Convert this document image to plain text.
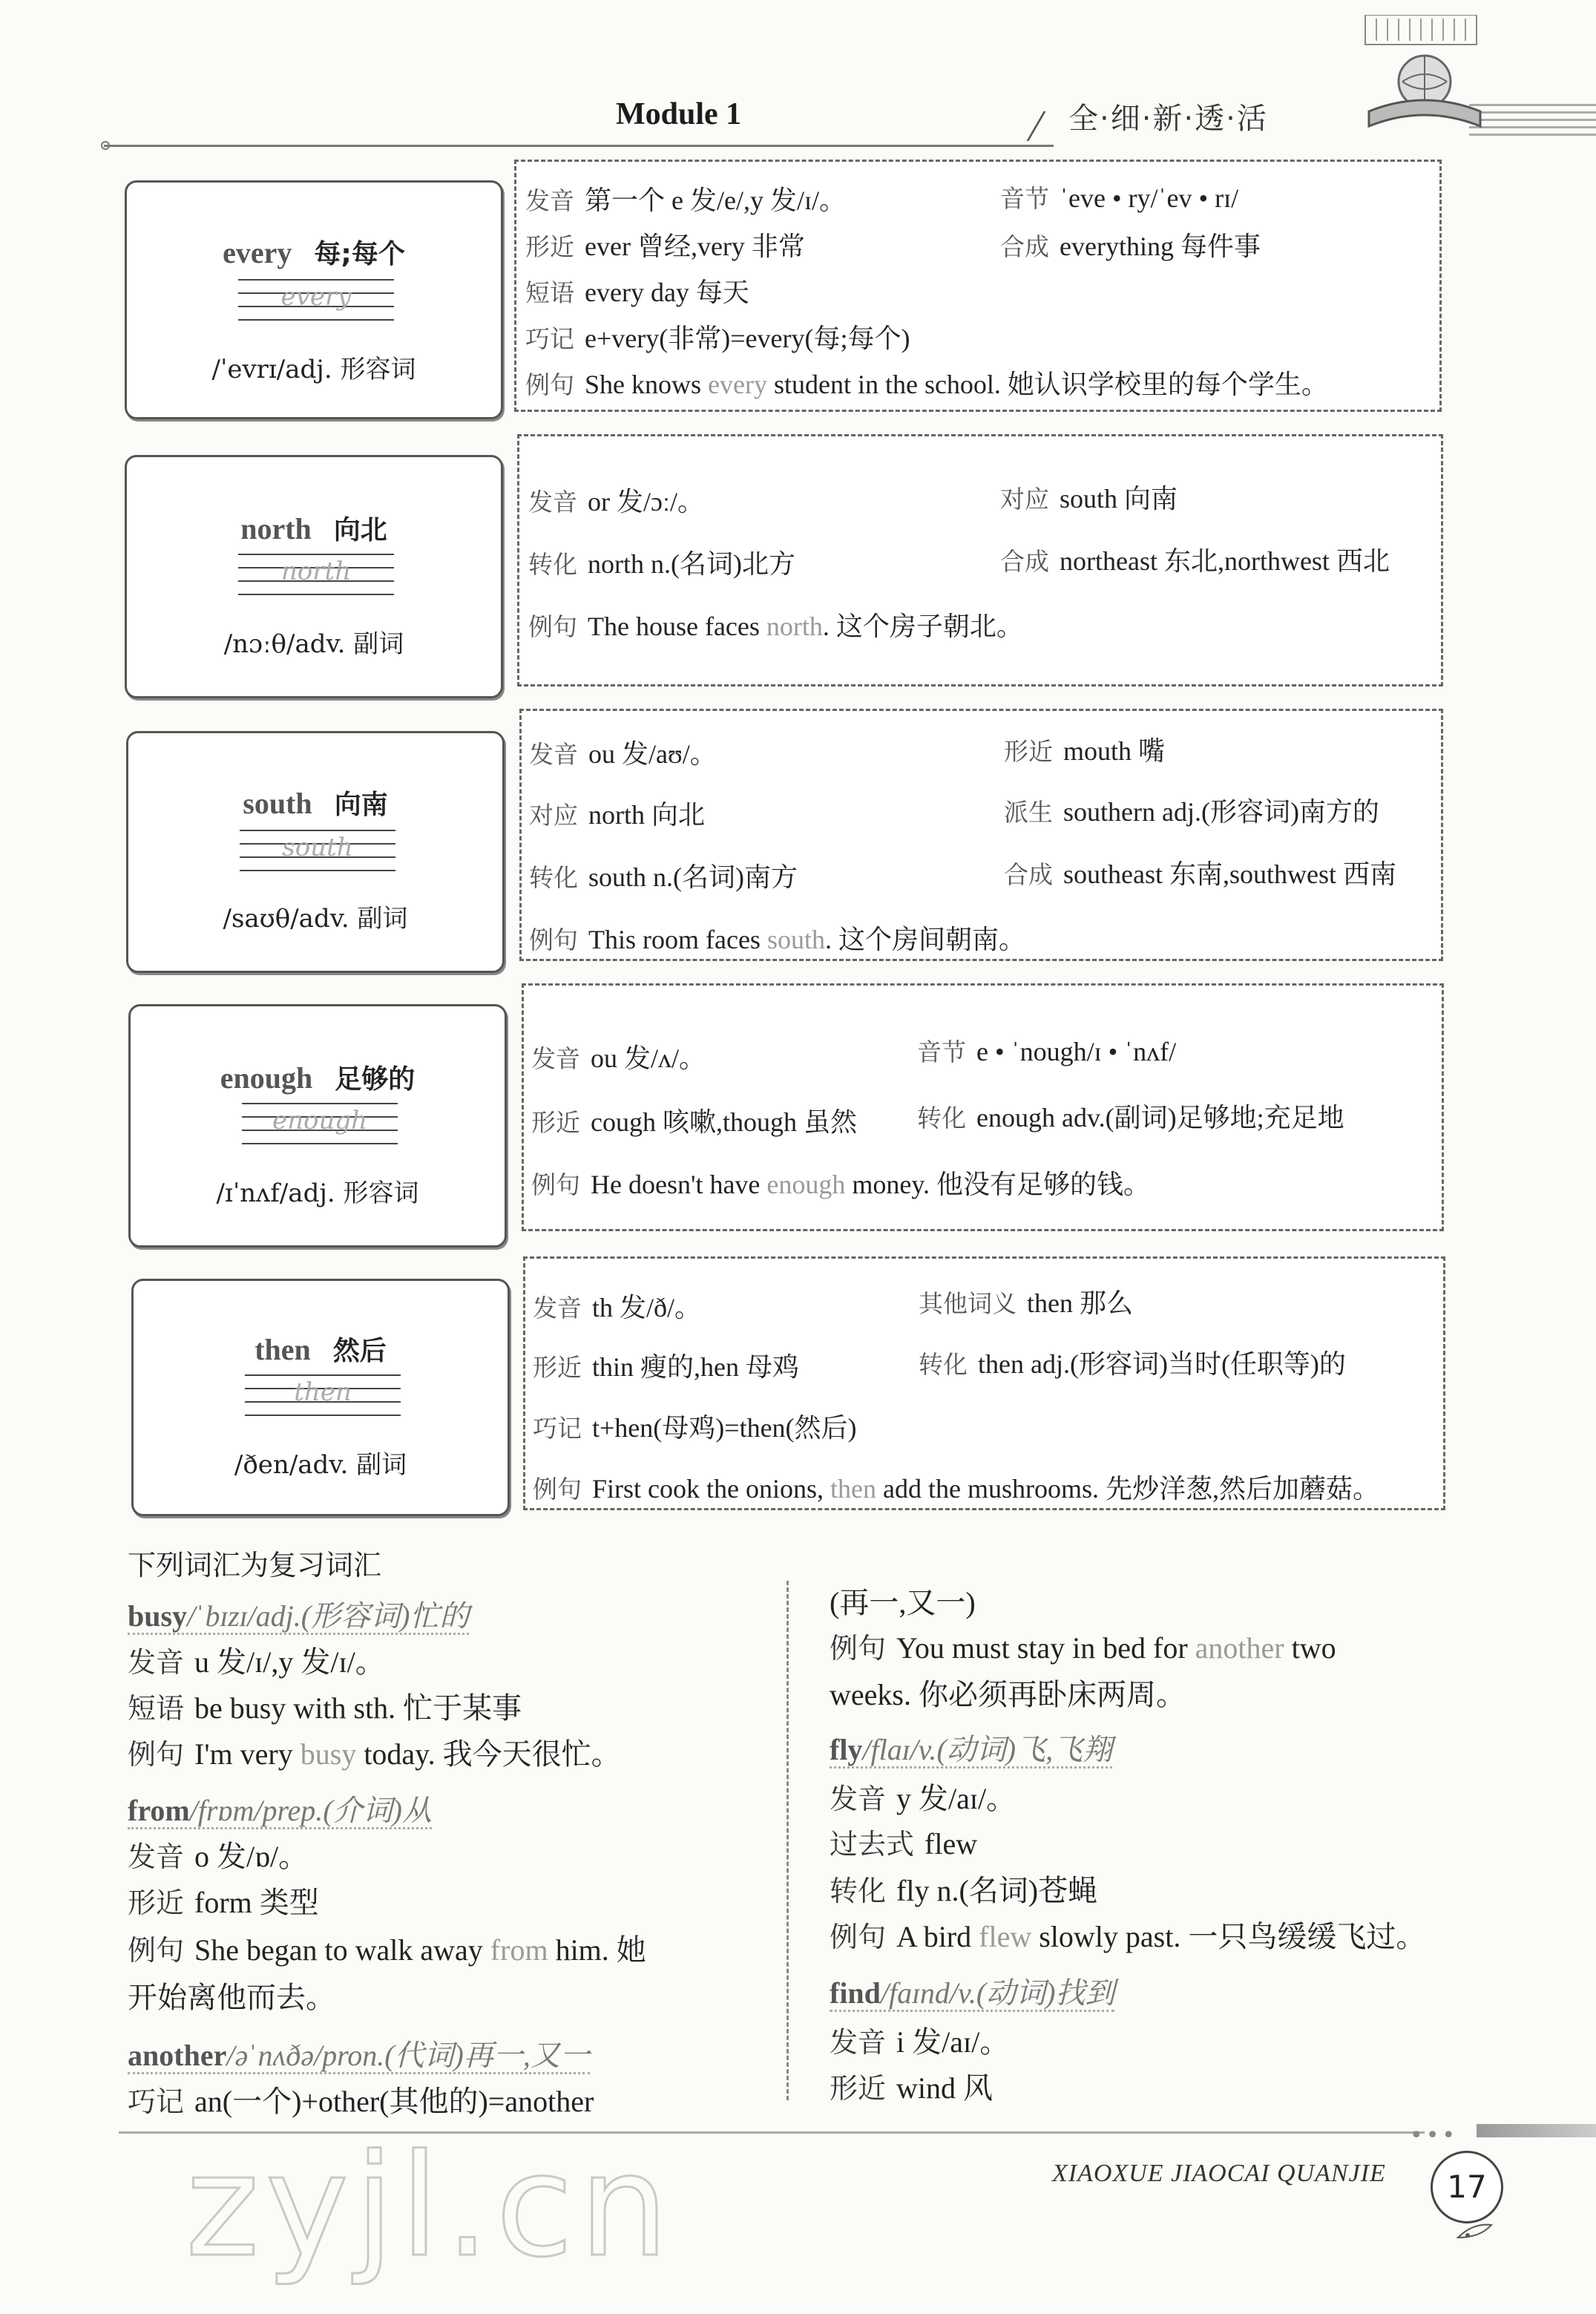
Module 1	全·细·新·透·活
every 每;每个
every
/ˈevrɪ/adj. 形容词
发音 第一个 e 发/e/,y 发/ɪ/。	音节 ˈeve • ry/ˈev • rɪ/
形近 ever 曾经,very 非常	合成 everything 每件事
短语 every day 每天
巧记 e+very(非常)=every(每;每个)
例句 She knows every student in the school. 她认识学校里的每个学生。
north 向北
north
/nɔːθ/adv. 副词
发音 or 发/ɔː/。	对应 south 向南
转化 north n.(名词)北方	合成 northeast 东北,northwest 西北
例句 The house faces north. 这个房子朝北。
south 向南
south
/saʊθ/adv. 副词
发音 ou 发/aʊ/。	形近 mouth 嘴
对应 north 向北	派生 southern adj.(形容词)南方的
转化 south n.(名词)南方	合成 southeast 东南,southwest 西南
例句 This room faces south. 这个房间朝南。
enough 足够的
enough
/ɪˈnʌf/adj. 形容词
发音 ou 发/ʌ/。	音节 e • ˈnough/ɪ • ˈnʌf/
形近 cough 咳嗽,though 虽然 转化 enough adv.(副词)足够地;充足地
例句 He doesn't have enough money. 他没有足够的钱。
then 然后
then
/ðen/adv. 副词
发音 th 发/ð/。	其他词义 then 那么
形近 thin 瘦的,hen 母鸡	转化 then adj.(形容词)当时(任职等)的
巧记 t+hen(母鸡)=then(然后)
例句 First cook the onions, then add the mushrooms. 先炒洋葱,然后加蘑菇。
下列词汇为复习词汇
busy/ˈbɪzɪ/adj.(形容词)忙的
发音 u 发/ɪ/,y 发/ɪ/。
短语 be busy with sth. 忙于某事
例句 I'm very busy today. 我今天很忙。
from/frɒm/prep.(介词)从
发音 o 发/ɒ/。
形近 form 类型
例句 She began to walk away from him. 她
开始离他而去。
another/əˈnʌðə/pron.(代词)再一,又一
巧记 an(一个)+other(其他的)=another
(再一,又一)
例句 You must stay in bed for another two
weeks. 你必须再卧床两周。
fly/flaɪ/v.(动词)飞,飞翔
发音 y 发/aɪ/。
过去式 flew
转化 fly n.(名词)苍蝇
例句 A bird flew slowly past. 一只鸟缓缓飞过。
find/faɪnd/v.(动词)找到
发音 i 发/aɪ/。
形近 wind 风
zyjl.cn	•••
XIAOXUE JIAOCAI QUANJIE	17
